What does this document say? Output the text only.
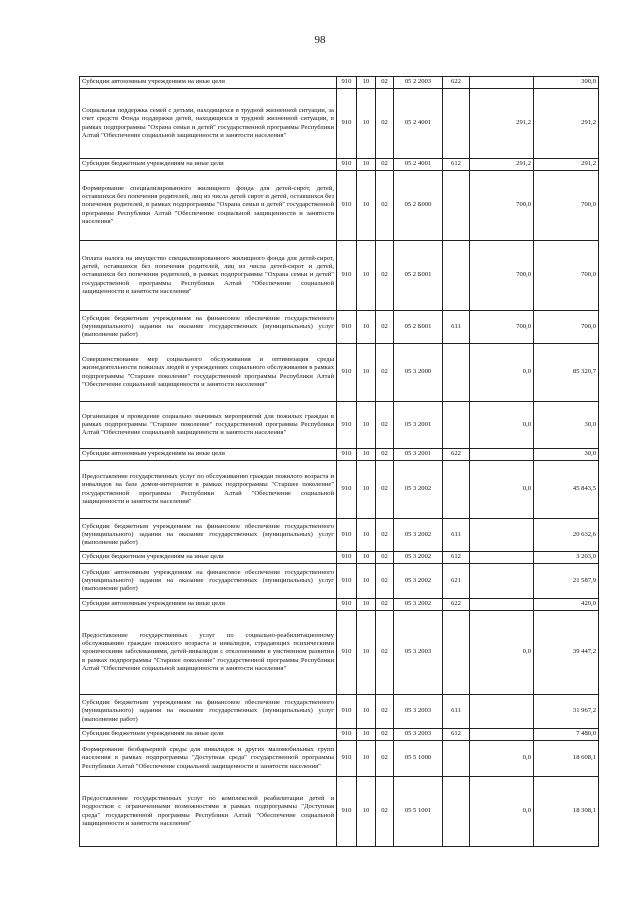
98
Субсидии автономным учреждениям на иные цели	910	10	02	05 2 2003	622		300,0
Социальная поддержка семей с детьми, находящихся в трудной жизненной ситуации, за счет средств Фонда поддержки детей, находящихся в трудной жизненной ситуации, в рамках подпрограммы "Охрана семьи и детей" государственной программы Республики Алтай "Обеспечение социальной защищенности и занятости населения"	910	10	02	05 2 4001		291,2	291,2
Субсидии бюджетным учреждениям на иные цели	910	10	02	05 2 4001	612	291,2	291,2
Формирование специализированного жилищного фонда для детей-сирот, детей, оставшихся без попечения родителей, лиц из числа детей сирот и детей, оставшихся без попечения родителей, в рамках подпрограммы "Охрана семьи и детей" государственной программы Республики Алтай "Обеспечение социальной защищенности и занятости населения"	910	10	02	05 2 Б000		700,0	700,0
Оплата налога на имущество специализированного жилищного фонда для детей-сирот, детей, оставшихся без попечения родителей, лиц из числа детей-сирот и детей, оставшихся без попечения родителей, в рамках подпрограммы "Охрана семьи и детей" государственной программы Республики Алтай "Обеспечение социальной защищенности и занятости населения"	910	10	02	05 2 Б001		700,0	700,0
Субсидии бюджетным учреждениям на финансовое обеспечение государственного (муниципального) задания на оказание государственных (муниципальных) услуг (выполнение работ)	910	10	02	05 2 Б001	611	700,0	700,0
Совершенствование мер социального обслуживания и оптимизация среды жизнедеятельности пожилых людей в учреждениях социального обслуживания в рамках подпрограммы "Старшее поколение" государственной программы Республики Алтай "Обеспечение социальной защищенности и занятости населения"	910	10	02	05 3 2000		0,0	85 320,7
Организация и проведение социально значимых мероприятий для пожилых граждан в рамках подпрограммы "Старшее поколение" государственной программы Республики Алтай "Обеспечение социальной защищенности и занятости населения"	910	10	02	05 3 2001		0,0	30,0
Субсидии автономным учреждениям на иные цели	910	10	02	05 3 2001	622		30,0
Предоставление государственных услуг по обслуживанию граждан пожилого возраста и инвалидов на базе домов-интернатов в рамках подпрограммы "Старшее поколение" государственной программы Республики Алтай "Обеспечение социальной защищенности и занятости населения"	910	10	02	05 3 2002		0,0	45 843,5
Субсидии бюджетным учреждениям на финансовое обеспечение государственного (муниципального) задания на оказание государственных (муниципальных) услуг (выполнение работ)	910	10	02	05 3 2002	611		20 632,6
Субсидии бюджетным учреждениям на иные цели	910	10	02	05 3 2002	612		3 203,0
Субсидии автономным учреждениям на финансовое обеспечение государственного (муниципального) задания на оказание государственных (муниципальных) услуг (выполнение работ)	910	10	02	05 3 2002	621		21 587,9
Субсидии автономным учреждениям на иные цели	910	10	02	05 3 2002	622		420,0
Предоставление государственных услуг по социально-реабилитационному обслуживанию граждан пожилого возраста и инвалидов, страдающих психическими хроническими заболеваниями, детей-инвалидов с отклонениями в умственном развитии в рамках подпрограммы "Старшее поколение" государственной программы Республики Алтай "Обеспечение социальной защищенности и занятости населения"	910	10	02	05 3 2003		0,0	39 447,2
Субсидии бюджетным учреждениям на финансовое обеспечение государственного (муниципального) задания на оказание государственных (муниципальных) услуг (выполнение работ)	910	10	02	05 3 2003	611		31 967,2
Субсидии бюджетным учреждениям на иные цели	910	10	02	05 3 2003	612		7 480,0
Формирование безбарьерной среды для инвалидов и других маломобильных групп населения в рамках подпрограммы "Доступная среда" государственной программы Республики Алтай "Обеспечение социальной защищенности и занятости населения"	910	10	02	05 5 1000		0,0	18 608,1
Предоставление государственных услуг по комплексной реабилитации детей и подростков с ограниченными возможностями в рамках подпрограммы "Доступная среда" государственной программы Республики Алтай "Обеспечение социальной защищенности и занятости населения"	910	10	02	05 5 1001		0,0	18 308,1
